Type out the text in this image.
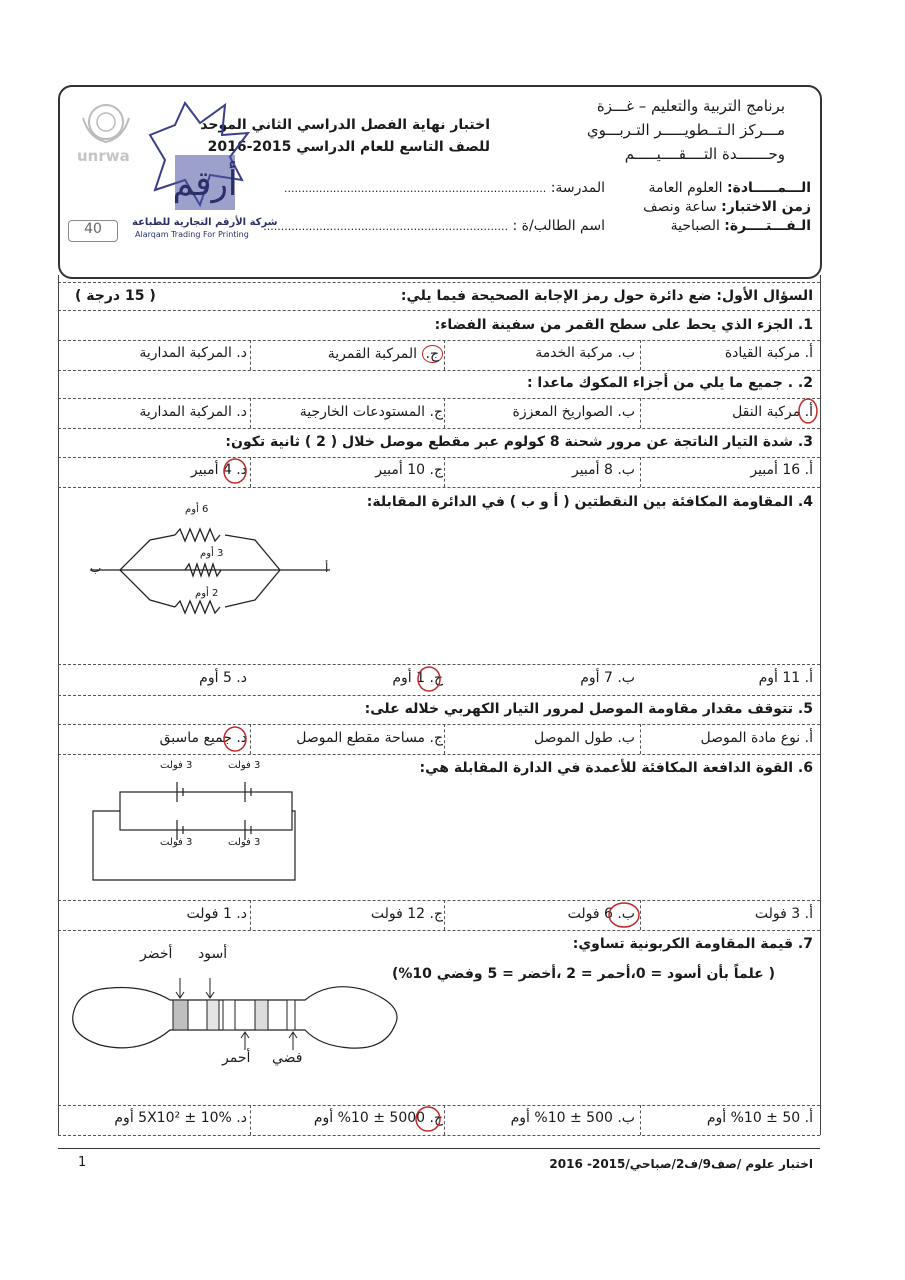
برنامج التربية والتعليم – غـــزة
مـــركز الـتــطويـــــر التـربـــوي
وحـــــــدة التــــقــــيـــــم
الـــمـــــادة: العلوم العامة
زمن الاختبار: ساعة ونصف
الـفـــتــــرة: الصباحية
اختبار نهاية الفصل الدراسي الثاني الموحد
للصف التاسع للعام الدراسي 2015-2016
المدرسة: ...........................................................................
اسم الطالب/ة : ......................................................................
أرقم
شركة الأرقم التجارية للطباعة
Alarqam Trading For Printing
unrwa
40
السؤال الأول: ضع دائرة حول رمز الإجابة الصحيحة فيما يلي:
( 15 درجة )
1. الجزء الذي يحط على سطح القمر من سفينة الفضاء:
أ. مركبة القيادة
ب. مركبة الخدمة
ج. المركبة القمرية
د. المركبة المدارية
2. . جميع ما يلي من أجزاء المكوك ماعدا :
أ. مركبة النقل
ب. الصواريخ المعززة
ج. المستودعات الخارجية
د. المركبة المدارية
3. شدة التيار الناتجة عن مرور شحنة 8 كولوم عبر مقطع موصل خلال ( 2 ) ثانية تكون:
أ. 16 أمبير
ب. 8 أمبير
ج. 10 أمبير
د. 4 أمبير
4. المقاومة المكافئة بين النقطتين ( أ و ب ) في الدائرة المقابلة:
6 أوم
3 أوم
2 أوم
أ
ب
أ. 11 أوم
ب. 7 أوم
ج. 1 أوم
د. 5 أوم
5. تتوقف مقدار مقاومة الموصل لمرور التيار الكهربي خلاله على:
أ. نوع مادة الموصل
ب. طول الموصل
ج. مساحة مقطع الموصل
د. جميع ماسبق
6. القوة الدافعة المكافئة للأعمدة في الدارة المقابلة هي:
3 فولت	3 فولت
3 فولت	3 فولت
أ. 3 فولت
ب. 6 فولت
ج. 12 فولت
د. 1 فولت
7. قيمة المقاومة الكربونية تساوي:
( علماً بأن أسود = 0،أحمر = 2 ،أخضر = 5 وفضي 10%)
أسود
أخضر
فضي
أحمر
أ. 50 ± 10% أوم
ب. 500 ± 10% أوم
ج. 5000 ± 10% أوم
د. 5X10² ± 10% أوم
اختبار علوم /صف9/ف2/صباحي/2015- 2016
1
